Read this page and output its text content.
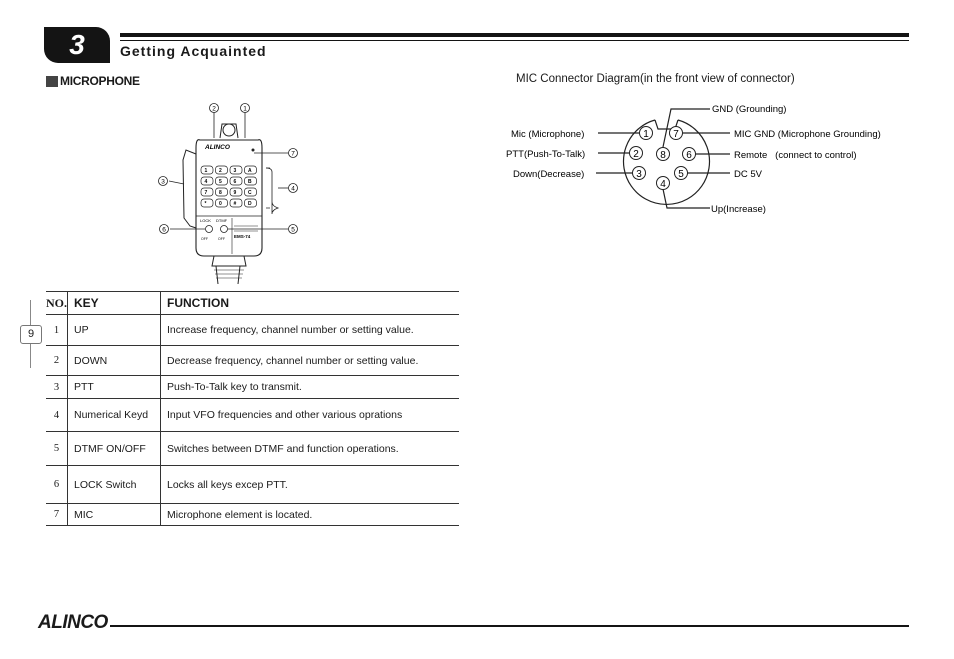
3	Getting Acquainted
MICROPHONE	MIC Connector Diagram(in the front view of connector)
ALINCO
1 2 3 A
4 5 6 B
7 8 9 C
*	0 # D
LOCK DTMF
OFF	OFF EMS-74
2	1
3
4
7
6	5
1 7
2 8 6
3	5
4
GND (Grounding)
Mic (Microphone)	MIC GND (Microphone Grounding)
PTT(Push-To-Talk)	Remote   (connect to control)
Down(Decrease)	DC 5V
Up(Increase)
9
NO.	KEY	FUNCTION
1	UP	Increase frequency, channel number or setting value.
2	DOWN	Decrease frequency, channel number or setting value.
3	PTT	Push-To-Talk key to transmit.
4	Numerical Keyd	Input VFO frequencies and other various oprations
5	DTMF ON/OFF	Switches between DTMF and function operations.
6	LOCK Switch	Locks all keys excep PTT.
7	MIC	Microphone element is located.
ALINCO
